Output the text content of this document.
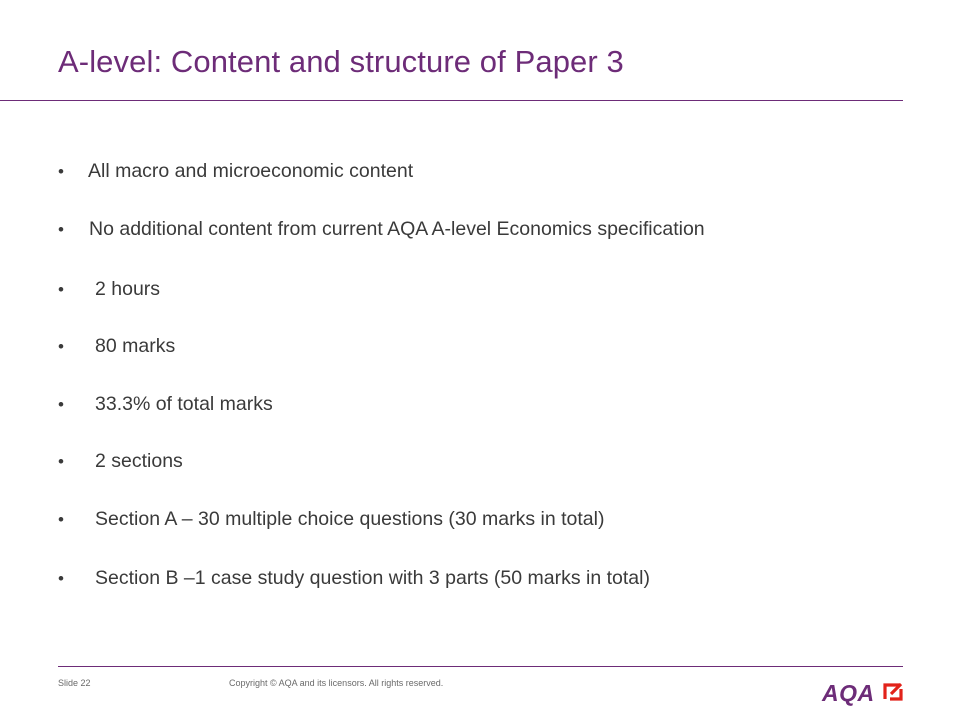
A-level: Content and structure of Paper 3
• All macro and microeconomic content
• No additional content from current AQA A-level Economics specification
• 2 hours
• 80 marks
• 33.3% of total marks
• 2 sections
• Section A – 30 multiple choice questions (30 marks in total)
• Section B –1 case study question with 3 parts (50 marks in total)
Slide 22	Copyright © AQA and its licensors. All rights reserved.	AQA
